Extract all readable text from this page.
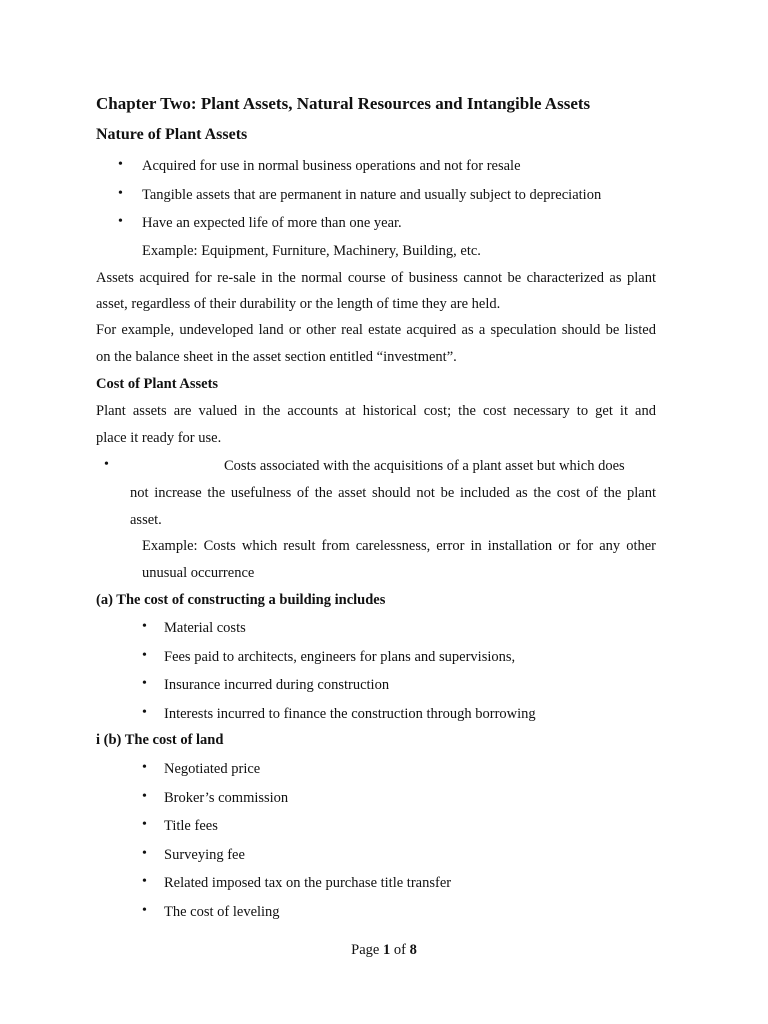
Chapter Two: Plant Assets, Natural Resources and Intangible Assets
Nature of Plant Assets
• Acquired for use in normal business operations and not for resale
• Tangible assets that are permanent in nature and usually subject to depreciation
• Have an expected life of more than one year.
Example: Equipment, Furniture, Machinery, Building, etc.
Assets acquired for re-sale in the normal course of business cannot be characterized as plant
asset, regardless of their durability or the length of time they are held.
For example, undeveloped land or other real estate acquired as a speculation should be listed
on the balance sheet in the asset section entitled “investment”.
Cost of Plant Assets
Plant assets are valued in the accounts at historical cost; the cost necessary to get it and
place it ready for use.
•	Costs associated with the acquisitions of a plant asset but which does
not increase the usefulness of the asset should not be included as the cost of the plant
asset.
Example: Costs which result from carelessness, error in installation or for any other
unusual occurrence
(a) The cost of constructing a building includes
• Material costs
• Fees paid to architects, engineers for plans and supervisions,
• Insurance incurred during construction
• Interests incurred to finance the construction through borrowing
i (b) The cost of land
• Negotiated price
• Broker’s commission
• Title fees
• Surveying fee
• Related imposed tax on the purchase title transfer
• The cost of leveling
Page 1 of 8
